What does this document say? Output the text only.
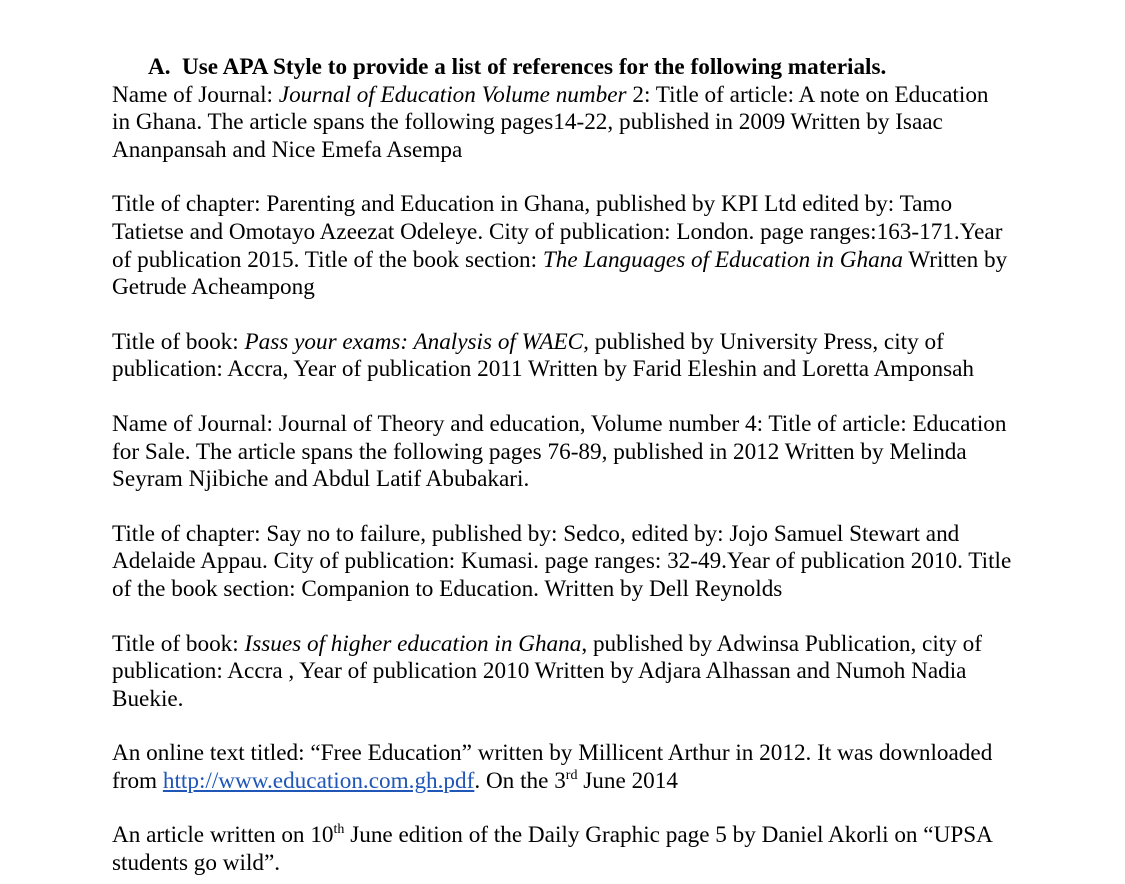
A. Use APA Style to provide a list of references for the following materials.

Name of Journal: Journal of Education Volume number 2: Title of article: A note on Education
in Ghana. The article spans the following pages14-22, published in 2009 Written by Isaac
Ananpansah and Nice Emefa Asempa

Title of chapter: Parenting and Education in Ghana, published by KPI Ltd edited by: Tamo
Tatietse and Omotayo Azeezat Odeleye. City of publication: London. page ranges:163-171.Year
of publication 2015. Title of the book section: The Languages of Education in Ghana Written by
Getrude Acheampong

Title of book: Pass your exams: Analysis of WAEC, published by University Press, city of
publication: Accra, Year of publication 2011 Written by Farid Eleshin and Loretta Amponsah

Name of Journal: Journal of Theory and education, Volume number 4: Title of article: Education
for Sale. The article spans the following pages 76-89, published in 2012 Written by Melinda
Seyram Njibiche and Abdul Latif Abubakari.

Title of chapter: Say no to failure, published by: Sedco, edited by: Jojo Samuel Stewart and
Adelaide Appau. City of publication: Kumasi. page ranges: 32-49.Year of publication 2010. Title
of the book section: Companion to Education. Written by Dell Reynolds

Title of book: Issues of higher education in Ghana, published by Adwinsa Publication, city of
publication: Accra , Year of publication 2010 Written by Adjara Alhassan and Numoh Nadia
Buekie.

An online text titled: “Free Education” written by Millicent Arthur in 2012. It was downloaded
from http://www.education.com.gh.pdf. On the 3rd June 2014

An article written on 10th June edition of the Daily Graphic page 5 by Daniel Akorli on “UPSA
students go wild”.
